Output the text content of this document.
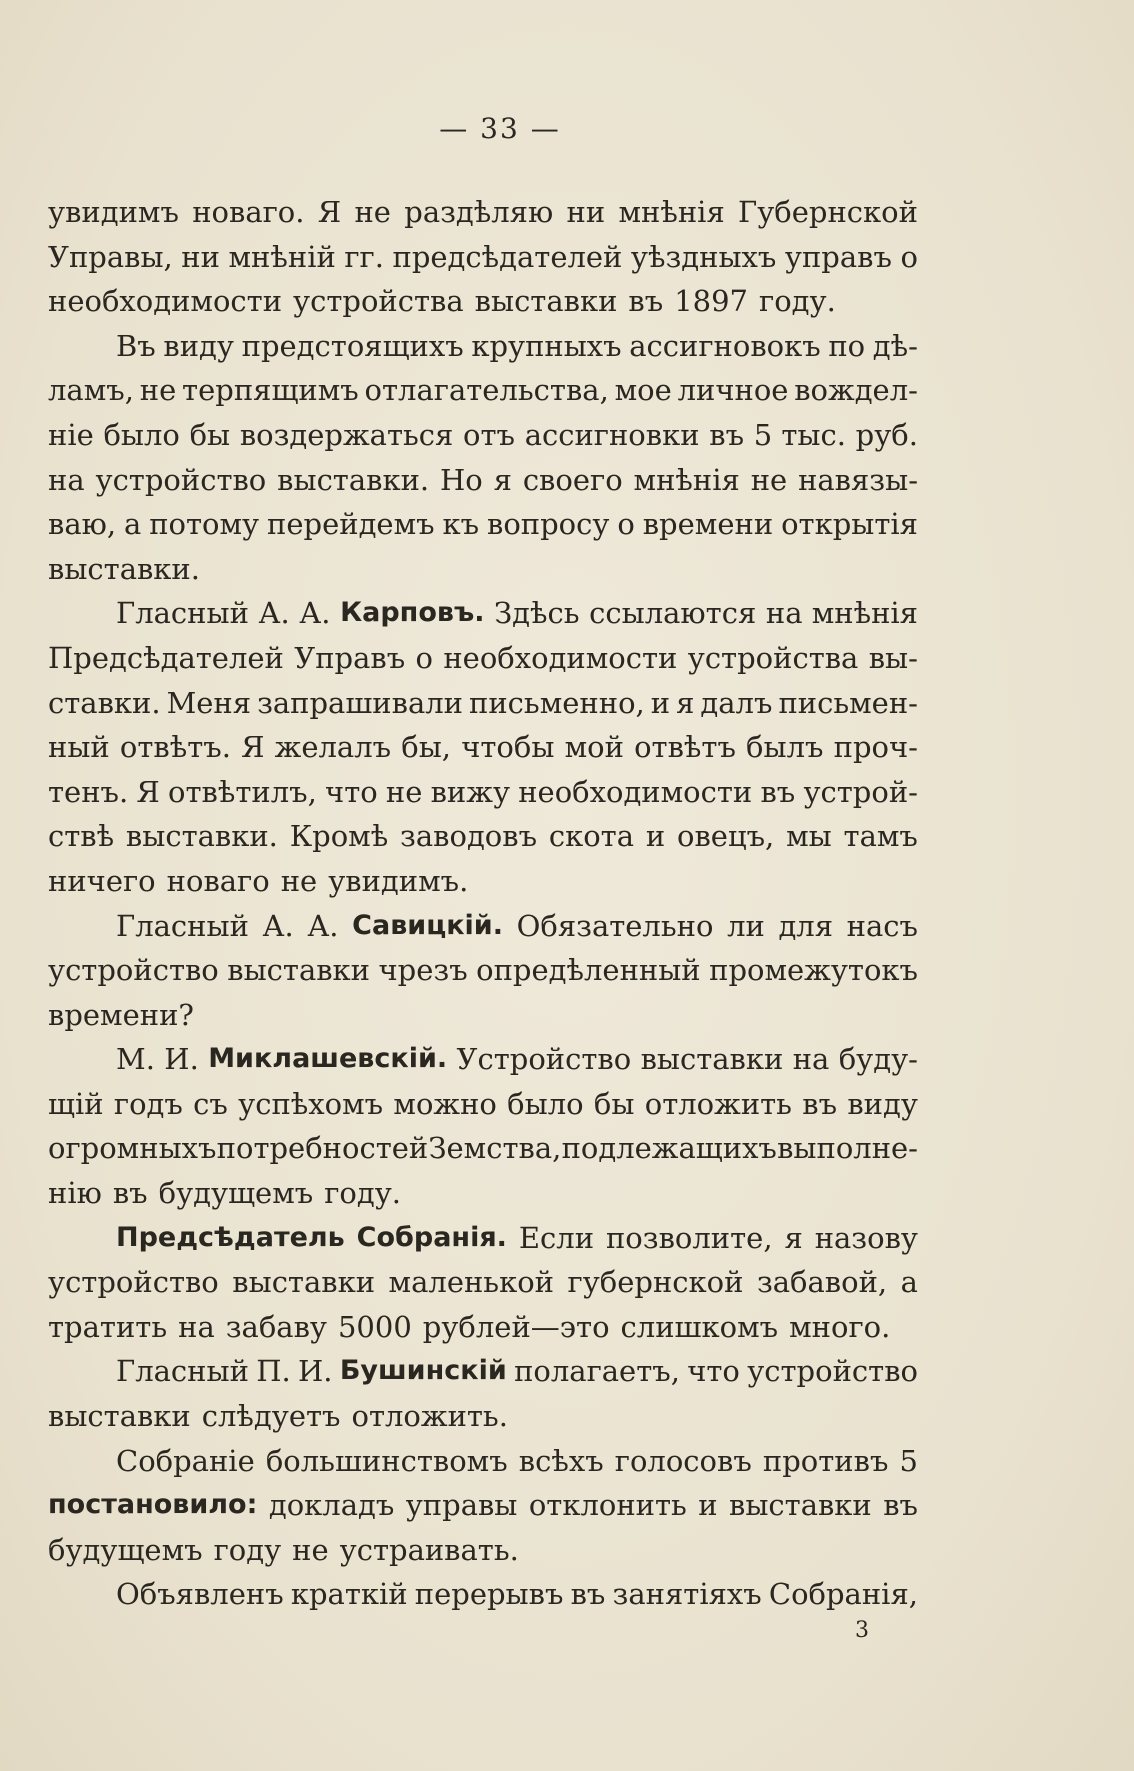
— 33 —
увидимъ новаго. Я не раздѣляю ни мнѣнія Губернской
Управы, ни мнѣній гг. предсѣдателей уѣздныхъ управъ о
необходимости устройства выставки въ 1897 году.
Въ виду предстоящихъ крупныхъ ассигновокъ по дѣ-
ламъ, не терпящимъ отлагательства, мое личное вождел-
ніе было бы воздержаться отъ ассигновки въ 5 тыс. руб.
на устройство выставки. Но я своего мнѣнія не навязы-
ваю, а потому перейдемъ къ вопросу о времени открытія
выставки.
Гласный А. А. Карповъ. Здѣсь ссылаются на мнѣнія
Предсѣдателей Управъ о необходимости устройства вы-
ставки. Меня запрашивали письменно, и я далъ письмен-
ный отвѣтъ. Я желалъ бы, чтобы мой отвѣтъ былъ проч-
тенъ. Я отвѣтилъ, что не вижу необходимости въ устрой-
ствѣ выставки. Кромѣ заводовъ скота и овецъ, мы тамъ
ничего новаго не увидимъ.
Гласный А. А. Савицкій. Обязательно ли для насъ
устройство выставки чрезъ опредѣленный промежутокъ
времени?
М. И. Миклашевскій. Устройство выставки на буду-
щій годъ съ успѣхомъ можно было бы отложить въ виду
огромныхъ потребностей Земства, подлежащихъ выполне-
нію въ будущемъ году.
Предсѣдатель Собранія. Если позволите, я назову
устройство выставки маленькой губернской забавой, а
тратить на забаву 5000 рублей—это слишкомъ много.
Гласный П. И. Бушинскій полагаетъ, что устройство
выставки слѣдуетъ отложить.
Собраніе большинствомъ всѣхъ голосовъ противъ 5
постановило: докладъ управы отклонить и выставки въ
будущемъ году не устраивать.
Объявленъ краткій перерывъ въ занятіяхъ Собранія,
3
